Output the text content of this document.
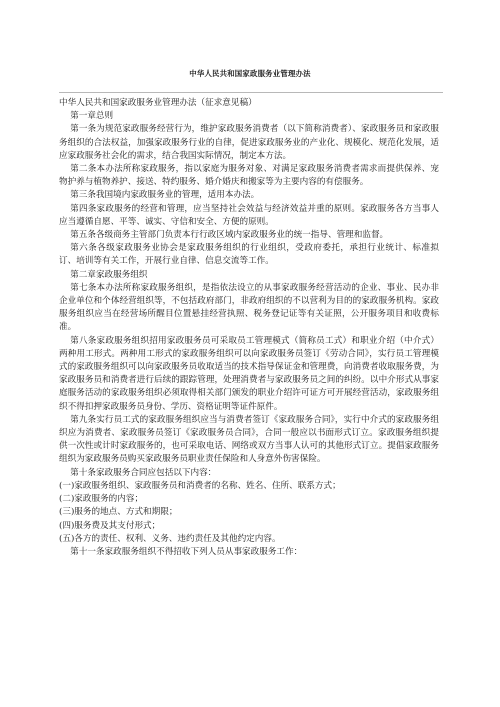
中华人民共和国家政服务业管理办法

中华人民共和国家政服务业管理办法（征求意见稿）

第一章总则

第一条为规范家政服务经营行为，维护家政服务消费者（以下简称消费者）、家政服务员和家政服务组织的合法权益，加强家政服务行业的自律，促进家政服务业的产业化、规模化、规范化发展，适应家政服务社会化的需求，结合我国实际情况，制定本方法。

第二条本办法所称家政服务，指以家庭为服务对象、对满足家政服务消费者需求而提供保养、宠物护养与植物养护、接送、特约服务、婚介婚庆和搬家等为主要内容的有偿服务。

第三条我国境内家政服务业的管理，适用本办法。

第四条家政服务的经营和管理，应当坚持社会效益与经济效益并重的原则。家政服务各方当事人应当遵循自愿、平等、诚实、守信和安全、方便的原则。

第五条各级商务主管部门负责本行行政区域内家政服务业的统一指导、管理和监督。

第六条各级家政服务业协会是家政服务组织的行业组织，受政府委托，承担行业统计、标准拟订、培训等有关工作，开展行业自律、信息交流等工作。

第二章家政服务组织

第七条本办法所称家政服务组织，是指依法设立的从事家政服务经营活动的企业、事业、民办非企业单位和个体经营组织等，不包括政府部门，非政府组织的不以营利为目的的家政服务机构。家政服务组织应当在经营场所醒目位置悬挂经营执照、税务登记证等有关证照，公开服务项目和收费标准。

第八条家政服务组织招用家政服务员可采取员工管理模式（简称员工式）和职业介绍（中介式）两种用工形式。两种用工形式的家政服务组织可以向家政服务员签订《劳动合同》，实行员工管理模式的家政服务组织可以向家政服务员收取适当的技术指导保证金和管理费，向消费者收取服务费，为家政服务员和消费者进行后续的跟踪管理，处理消费者与家政服务员之间的纠纷。以中介形式从事家庭服务活动的家政服务组织必须取得相关部门颁发的职业介绍许可证方可开展经营活动，家政服务组织不得扣押家政服务员身份、学历、资格证明等证件原件。

第九条实行员工式的家政服务组织应当与消费者签订《家政服务合同》，实行中介式的家政服务组织应为消费者、家政服务员签订《家政服务员合同》，合同一般应以书面形式订立。家政服务组织提供一次性或计时家政服务的，也可采取电话、网络或双方当事人认可的其他形式订立。提倡家政服务组织为家政服务员购买家政服务员职业责任保险和人身意外伤害保险。

第十条家政服务合同应包括以下内容：

(一)家政服务组织、家政服务员和消费者的名称、姓名、住所、联系方式；

(二)家政服务的内容；

(三)服务的地点、方式和期限；

(四)服务费及其支付形式；

(五)各方的责任、权利、义务、违约责任及其他约定内容。

第十一条家政服务组织不得招收下列人员从事家政服务工作：
